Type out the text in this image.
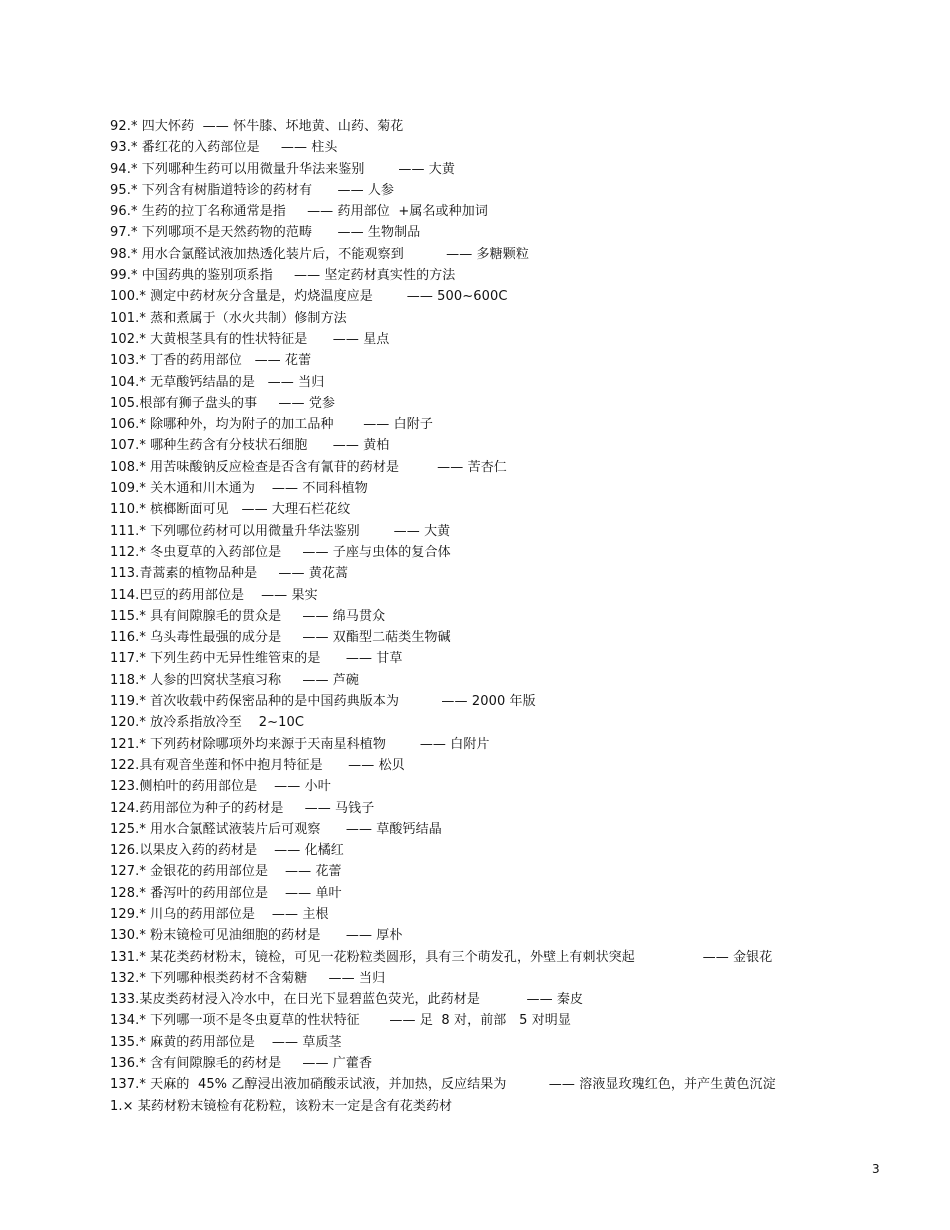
92.* 四大怀药  —— 怀牛膝、坏地黄、山药、菊花
93.* 番红花的入药部位是     —— 柱头
94.* 下列哪种生药可以用微量升华法来鉴别        —— 大黄
95.* 下列含有树脂道特诊的药材有      —— 人参
96.* 生药的拉丁名称通常是指     —— 药用部位  +属名或种加词
97.* 下列哪项不是天然药物的范畴      —— 生物制品
98.* 用水合氯醛试液加热透化装片后，不能观察到          —— 多糖颗粒
99.* 中国药典的鉴别项系指     —— 坚定药材真实性的方法
100.* 测定中药材灰分含量是，灼烧温度应是        —— 500~600C
101.* 蒸和煮属于（水火共制）修制方法
102.* 大黄根茎具有的性状特征是      —— 星点
103.* 丁香的药用部位   —— 花蕾
104.* 无草酸钙结晶的是   —— 当归
105.根部有狮子盘头的事     —— 党参
106.* 除哪种外，均为附子的加工品种       —— 白附子
107.* 哪种生药含有分枝状石细胞      —— 黄柏
108.* 用苦味酸钠反应检查是否含有氰苷的药材是         —— 苦杏仁
109.* 关木通和川木通为    —— 不同科植物
110.* 槟榔断面可见   —— 大理石栏花纹
111.* 下列哪位药材可以用微量升华法鉴别        —— 大黄
112.* 冬虫夏草的入药部位是     —— 子座与虫体的复合体
113.青蒿素的植物品种是     —— 黄花蒿
114.巴豆的药用部位是    —— 果实
115.* 具有间隙腺毛的贯众是     —— 绵马贯众
116.* 乌头毒性最强的成分是     —— 双酯型二萜类生物碱
117.* 下列生药中无异性维管束的是      —— 甘草
118.* 人参的凹窝状茎痕习称     —— 芦碗
119.* 首次收载中药保密品种的是中国药典版本为          —— 2000 年版
120.* 放冷系指放冷至    2~10C
121.* 下列药材除哪项外均来源于天南星科植物        —— 白附片
122.具有观音坐莲和怀中抱月特征是      —— 松贝
123.侧柏叶的药用部位是    —— 小叶
124.药用部位为种子的药材是     —— 马钱子
125.* 用水合氯醛试液装片后可观察      —— 草酸钙结晶
126.以果皮入药的药材是    —— 化橘红
127.* 金银花的药用部位是    —— 花蕾
128.* 番泻叶的药用部位是    —— 单叶
129.* 川乌的药用部位是    —— 主根
130.* 粉末镜检可见油细胞的药材是      —— 厚朴
131.* 某花类药材粉末，镜检，可见一花粉粒类圆形，具有三个萌发孔，外壁上有刺状突起                —— 金银花
132.* 下列哪种根类药材不含菊糖     —— 当归
133.某皮类药材浸入冷水中，在日光下显碧蓝色荧光，此药材是           —— 秦皮
134.* 下列哪一项不是冬虫夏草的性状特征       —— 足  8 对，前部   5 对明显
135.* 麻黄的药用部位是    —— 草质茎
136.* 含有间隙腺毛的药材是     —— 广藿香
137.* 天麻的  45% 乙醇浸出液加硝酸汞试液，并加热，反应结果为          —— 溶液显玫瑰红色，并产生黄色沉淀
1.× 某药材粉末镜检有花粉粒，该粉末一定是含有花类药材
3
